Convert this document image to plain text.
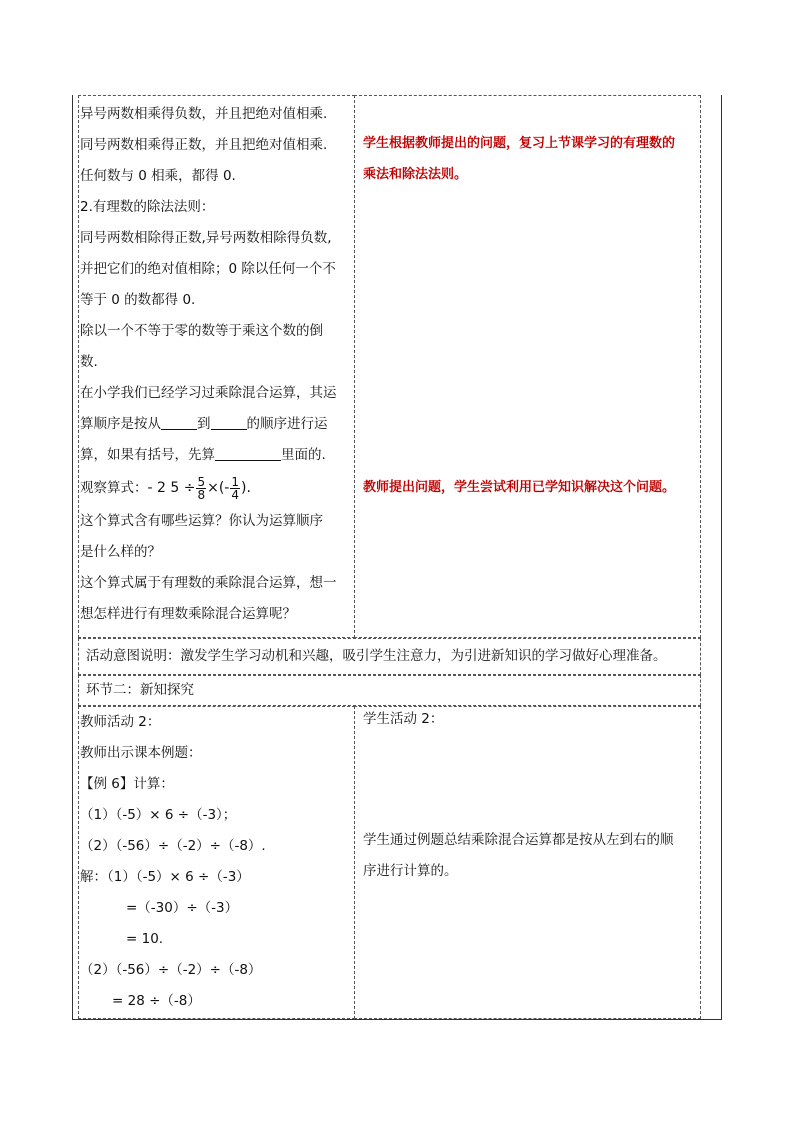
异号两数相乘得负数，并且把绝对值相乘.
同号两数相乘得正数，并且把绝对值相乘.
任何数与 0 相乘，都得 0.
2.有理数的除法法则：
同号两数相除得正数,异号两数相除得负数,
并把它们的绝对值相除；0 除以任何一个不
等于 0 的数都得 0.
除以一个不等于零的数等于乘这个数的倒
数.
在小学我们已经学习过乘除混合运算，其运
算顺序是按从	到	的顺序进行运
算，如果有括号，先算	里面的.
观察算式：- 2 $5 \div \frac{5}{8}$ ×(- $\frac{1}{4}$ ).
这个算式含有哪些运算？你认为运算顺序
是什么样的？
这个算式属于有理数的乘除混合运算，想一
想怎样进行有理数乘除混合运算呢？
学生根据教师提出的问题，复习上节课学习的有理数的
乘法和除法法则。
教师提出问题，学生尝试利用已学知识解决这个问题。
活动意图说明：激发学生学习动机和兴趣，吸引学生注意力，为引进新知识的学习做好心理准备。
环节二：新知探究
教师活动 2：
教师出示课本例题：
【例 6】计算：
（1）（-5）× 6 ÷（-3）；
（2）（-56）÷（-2）÷（-8）.
解：（1）（-5）× 6 ÷（-3）
=（-30）÷（-3）
= 10.
（2）（-56）÷（-2）÷（-8）
= 28 ÷（-8）
学生活动 2：
学生通过例题总结乘除混合运算都是按从左到右的顺
序进行计算的。
